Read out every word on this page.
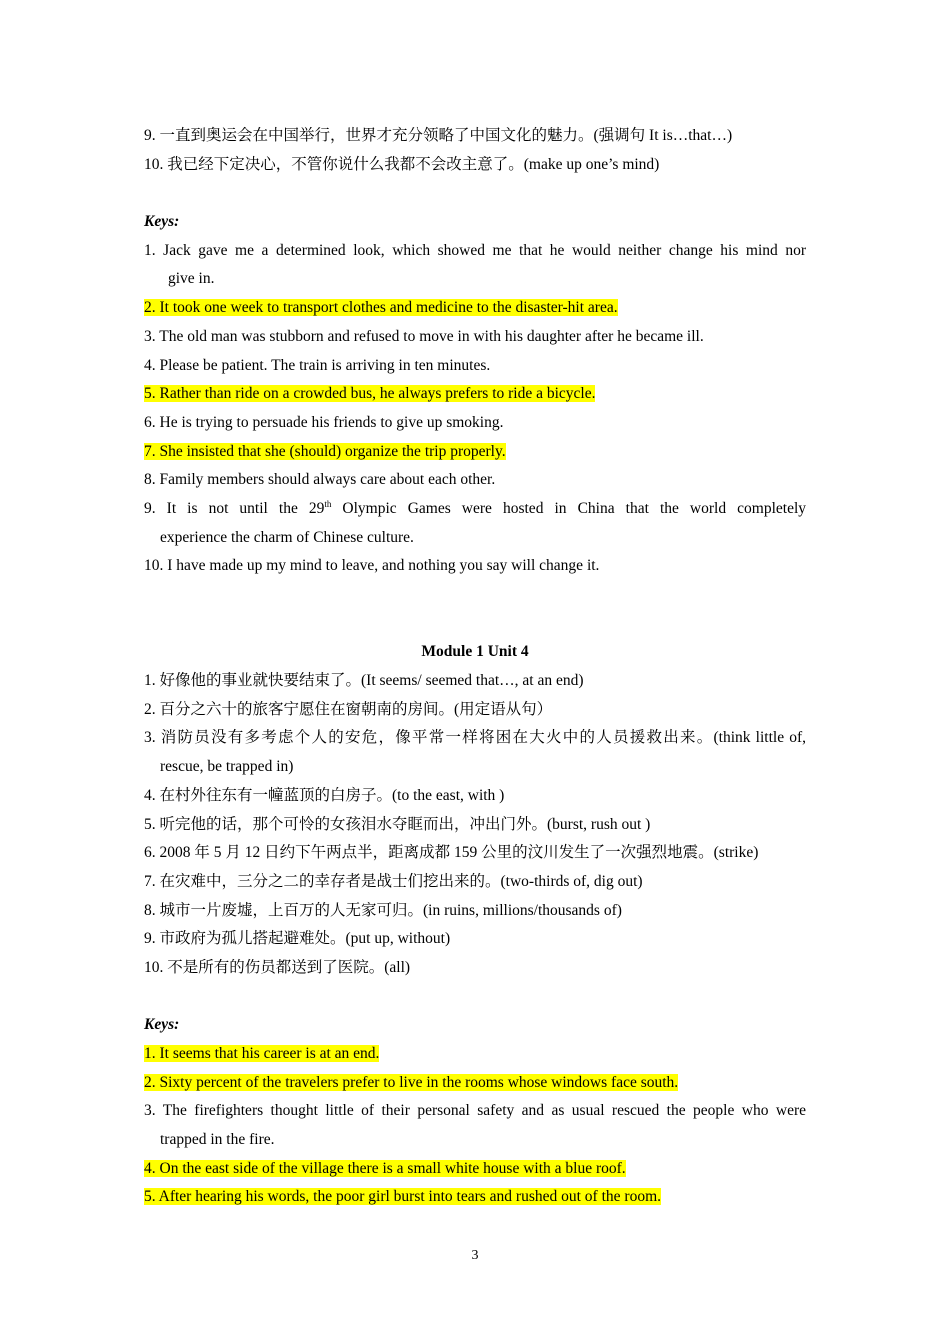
9. 一直到奥运会在中国举行，世界才充分领略了中国文化的魅力。(强调句 It is…that…)
10. 我已经下定决心，不管你说什么我都不会改主意了。(make up one’s mind)
Keys:
1. Jack gave me a determined look, which showed me that he would neither change his mind nor
give in.
2. It took one week to transport clothes and medicine to the disaster-hit area.
3. The old man was stubborn and refused to move in with his daughter after he became ill.
4. Please be patient. The train is arriving in ten minutes.
5. Rather than ride on a crowded bus, he always prefers to ride a bicycle.
6. He is trying to persuade his friends to give up smoking.
7. She insisted that she (should) organize the trip properly.
8. Family members should always care about each other.
9. It is not until the 29th Olympic Games were hosted in China that the world completely
experience the charm of Chinese culture.
10. I have made up my mind to leave, and nothing you say will change it.
Module 1 Unit 4
1. 好像他的事业就快要结束了。(It seems/ seemed that…, at an end)
2. 百分之六十的旅客宁愿住在窗朝南的房间。(用定语从句）
3. 消防员没有多考虑个人的安危，像平常一样将困在大火中的人员援救出来。(think little of,
rescue, be trapped in)
4. 在村外往东有一幢蓝顶的白房子。(to the east, with )
5. 听完他的话，那个可怜的女孩泪水夺眶而出，冲出门外。(burst, rush out )
6. 2008 年 5 月 12 日约下午两点半，距离成都 159 公里的汶川发生了一次强烈地震。(strike)
7. 在灾难中，三分之二的幸存者是战士们挖出来的。(two-thirds of, dig out)
8. 城市一片废墟，上百万的人无家可归。(in ruins, millions/thousands of)
9. 市政府为孤儿搭起避难处。(put up, without)
10. 不是所有的伤员都送到了医院。(all)
Keys:
1. It seems that his career is at an end.
2. Sixty percent of the travelers prefer to live in the rooms whose windows face south.
3. The firefighters thought little of their personal safety and as usual rescued the people who were
trapped in the fire.
4. On the east side of the village there is a small white house with a blue roof.
5. After hearing his words, the poor girl burst into tears and rushed out of the room.
3
